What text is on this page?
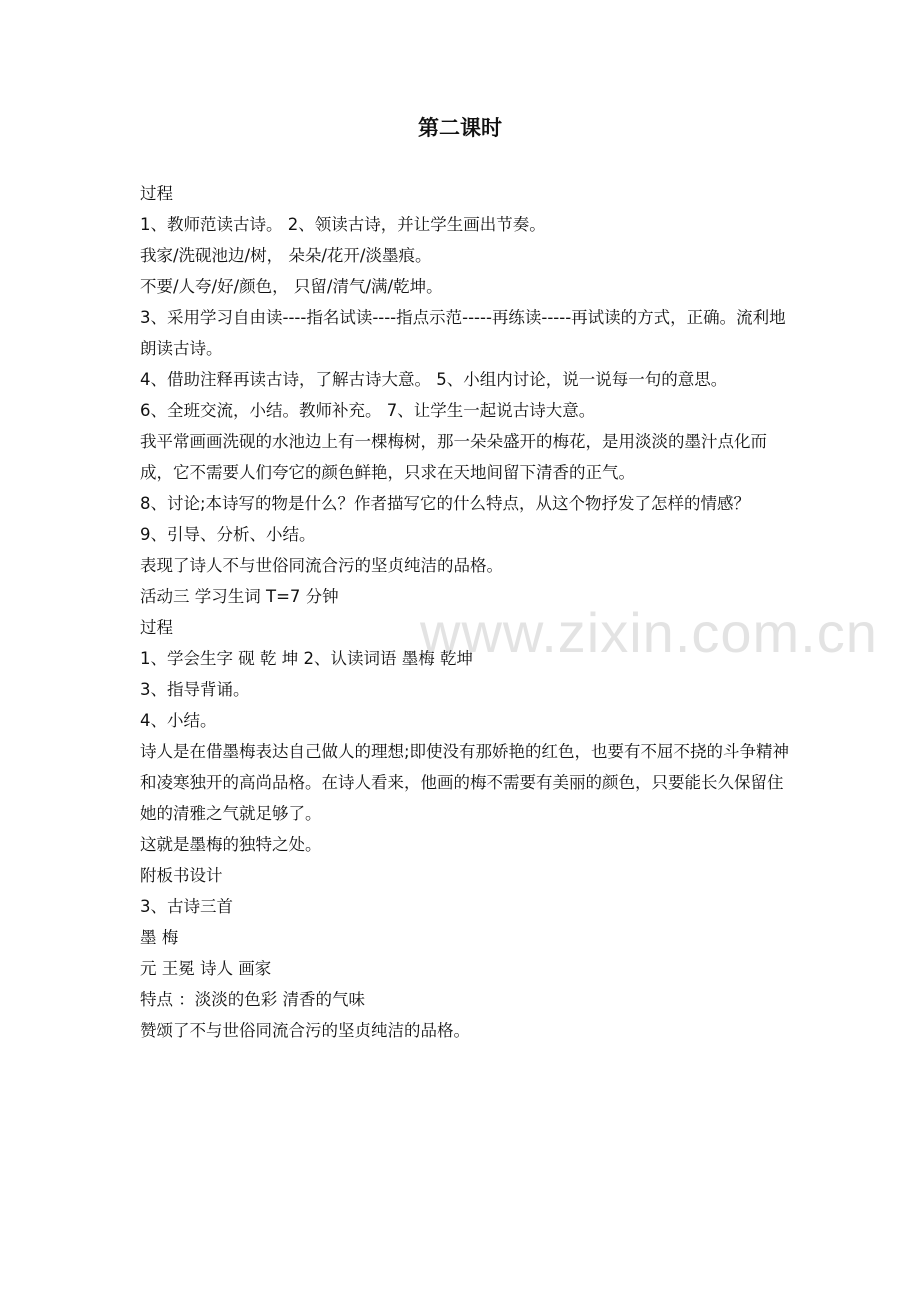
第二课时

过程

1、教师范读古诗。 2、领读古诗，并让学生画出节奏。

我家/洗砚池边/树， 朵朵/花开/淡墨痕。

不要/人夸/好/颜色， 只留/清气/满/乾坤。

3、采用学习自由读----指名试读----指点示范-----再练读-----再试读的方式，正确。流利地朗读古诗。

4、借助注释再读古诗，了解古诗大意。 5、小组内讨论，说一说每一句的意思。

6、全班交流，小结。教师补充。 7、让学生一起说古诗大意。

我平常画画洗砚的水池边上有一棵梅树，那一朵朵盛开的梅花，是用淡淡的墨汁点化而成，它不需要人们夸它的颜色鲜艳，只求在天地间留下清香的正气。

8、讨论;本诗写的物是什么？作者描写它的什么特点，从这个物抒发了怎样的情感？

9、引导、分析、小结。

表现了诗人不与世俗同流合污的坚贞纯洁的品格。

活动三 学习生词 T=7 分钟

过程

1、学会生字 砚 乾 坤 2、认读词语 墨梅 乾坤

3、指导背诵。

4、小结。

诗人是在借墨梅表达自己做人的理想;即使没有那娇艳的红色，也要有不屈不挠的斗争精神和凌寒独开的高尚品格。在诗人看来，他画的梅不需要有美丽的颜色，只要能长久保留住她的清雅之气就足够了。

这就是墨梅的独特之处。

附板书设计

3、古诗三首

墨 梅

元 王冕 诗人 画家

特点 ：淡淡的色彩 清香的气味

赞颂了不与世俗同流合污的坚贞纯洁的品格。

www.zixin.com.cn
